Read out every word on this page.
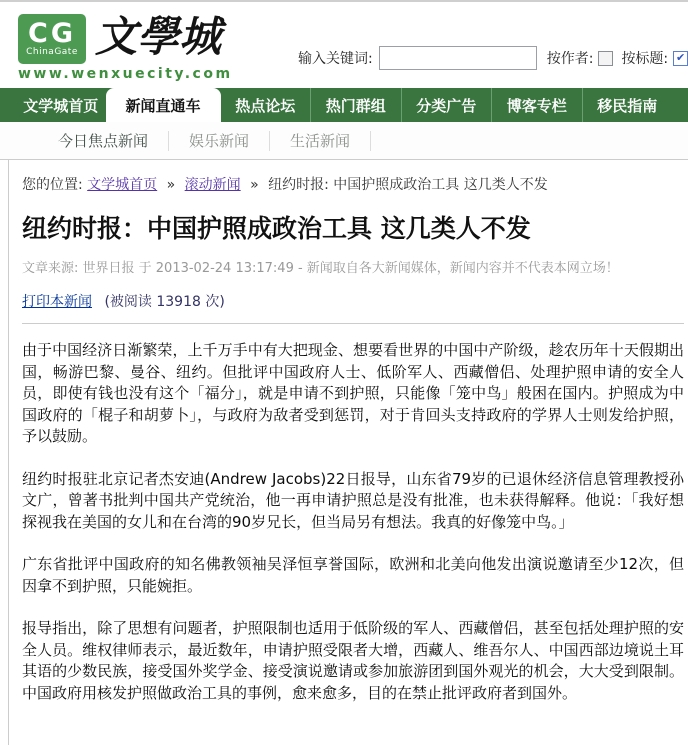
CG
ChinaGate 文學城
www.wenxuecity.com
输入关键词:	按作者: 按标题: ✔
文学城首页	新闻直通车	热点论坛	热门群组	分类广告	博客专栏	移民指南
今日焦点新闻	娱乐新闻	生活新闻
您的位置: 文学城首页 » 滚动新闻 » 纽约时报: 中国护照成政治工具 这几类人不发
纽约时报：中国护照成政治工具 这几类人不发
文章来源: 世界日报 于 2013-02-24 13:17:49 - 新闻取自各大新闻媒体，新闻内容并不代表本网立场！
打印本新闻 (被阅读 13918 次)

由于中国经济日渐繁荣，上千万手中有大把现金、想要看世界的中国中产阶级，趁农历年十天假期出国，畅游巴黎、曼谷、纽约。但批评中国政府人士、低阶军人、西藏僧侣、处理护照申请的安全人员，即使有钱也没有这个「福分」，就是申请不到护照，只能像「笼中鸟」般困在国内。护照成为中国政府的「棍子和胡萝卜」，与政府为敌者受到惩罚，对于肯回头支持政府的学界人士则发给护照，予以鼓励。

纽约时报驻北京记者杰安迪(Andrew Jacobs)22日报导，山东省79岁的已退休经济信息管理教授孙文广，曾著书批判中国共产党统治，他一再申请护照总是没有批准，也未获得解释。他说：「我好想探视我在美国的女儿和在台湾的90岁兄长，但当局另有想法。我真的好像笼中鸟。」

广东省批评中国政府的知名佛教领袖吴泽恒享誉国际，欧洲和北美向他发出演说邀请至少12次，但因拿不到护照，只能婉拒。

报导指出，除了思想有问题者，护照限制也适用于低阶级的军人、西藏僧侣，甚至包括处理护照的安全人员。维权律师表示，最近数年，申请护照受限者大增，西藏人、维吾尔人、中国西部边境说土耳其语的少数民族，接受国外奖学金、接受演说邀请或参加旅游团到国外观光的机会，大大受到限制。中国政府用核发护照做政治工具的事例，愈来愈多，目的在禁止批评政府者到国外。
